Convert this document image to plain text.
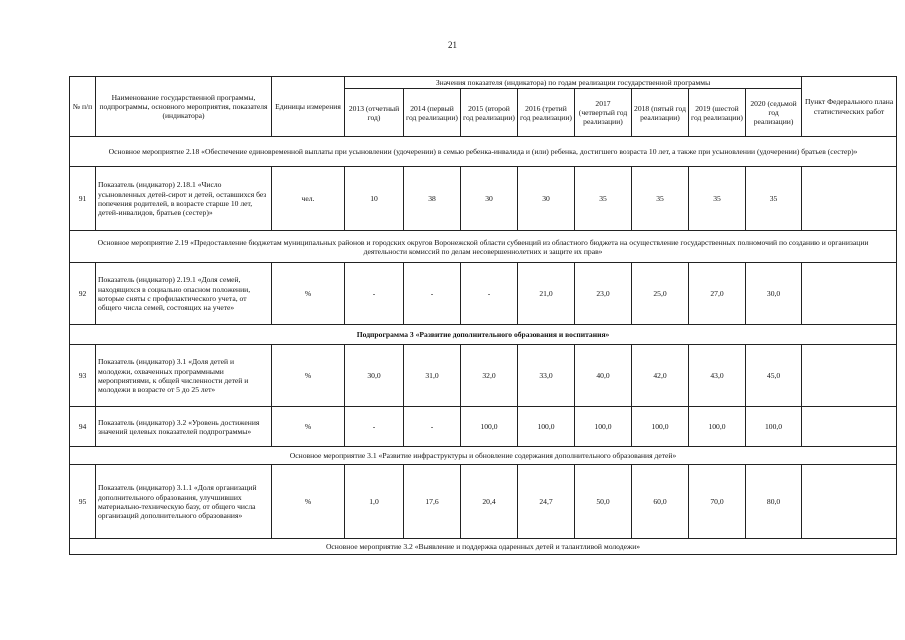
21
№ п/п	Наименование государственной программы, подпрограммы, основного мероприятия, показателя (индикатора)	Единицы измерения	Значения показателя (индикатора) по годам реализации государственной программы								Пункт Федерального плана статистических работ
			2013 (отчетный год)	2014 (первый год реализации)	2015 (второй год реализации)	2016 (третий год реализации)	2017 (четвертый год реализации)	2018 (пятый год реализации)	2019 (шестой год реализации)	2020 (седьмой год реализации)	
Основное мероприятие 2.18 «Обеспечение единовременной выплаты при усыновлении (удочерении) в семью ребенка-инвалида и (или) ребенка, достигшего возраста 10 лет, а также при усыновлении (удочерении) братьев (сестер)»											
91	Показатель (индикатор) 2.18.1 «Число усыновленных детей-сирот и детей, оставшихся без попечения родителей, в возрасте старше 10 лет, детей-инвалидов, братьев (сестер)»	чел.	10	38	30	30	35	35	35	35	
Основное мероприятие 2.19 «Предоставление бюджетам муниципальных районов и городских округов Воронежской области субвенций из областного бюджета на осуществление государственных полномочий по созданию и организации деятельности комиссий по делам несовершеннолетних и защите их прав»											
92	Показатель (индикатор) 2.19.1 «Доля семей, находящихся в социально опасном положении, которые сняты с профилактического учета, от общего числа семей, состоящих на учете»	%	-	-	-	21,0	23,0	25,0	27,0	30,0	
Подпрограмма 3 «Развитие дополнительного образования и воспитания»											
93	Показатель (индикатор) 3.1 «Доля детей и молодежи, охваченных программными мероприятиями, к общей численности детей и молодежи в возрасте от 5 до 25 лет»	%	30,0	31,0	32,0	33,0	40,0	42,0	43,0	45,0	
94	Показатель (индикатор) 3.2 «Уровень достижения значений целевых показателей подпрограммы»	%	-	-	100,0	100,0	100,0	100,0	100,0	100,0	
Основное мероприятие 3.1 «Развитие инфраструктуры и обновление содержания дополнительного образования детей»											
95	Показатель (индикатор) 3.1.1 «Доля организаций дополнительного образования, улучшивших материально-техническую базу, от общего числа организаций дополнительного образования»	%	1,0	17,6	20,4	24,7	50,0	60,0	70,0	80,0	
Основное мероприятие 3.2 «Выявление и поддержка одаренных детей и талантливой молодежи»											
